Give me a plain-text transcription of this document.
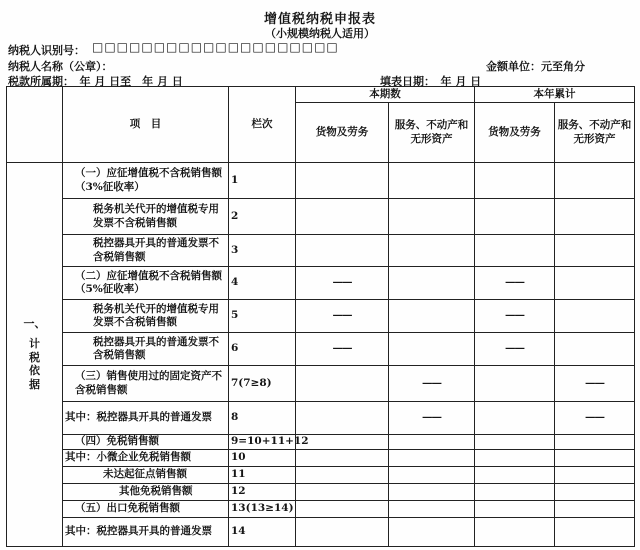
增值税纳税申报表
（小规模纳税人适用）
纳税人识别号： □□□□□□□□□□□□□□□□□□□□
纳税人名称（公章）：	金额单位：元至角分
税款所属期：　年 月 日至　年 月 日	填表日期：　年 月 日
	项　目	栏次	本期数		本年累计	
			货物及劳务	服务、不动产和无形资产	货物及劳务	服务、不动产和无形资产

一、
计
税
依
据	（一）应征增值税不含税销售额（3%征收率）	1				
	税务机关代开的增值税专用发票不含税销售额	2				
	税控器具开具的普通发票不含税销售额	3				
	（二）应征增值税不含税销售额（5%征收率）	4	——		——	
	税务机关代开的增值税专用发票不含税销售额	5	——		——	
	税控器具开具的普通发票不含税销售额	6	——		——	
	（三）销售使用过的固定资产不含税销售额	7(7≥8)		——		——
	其中：税控器具开具的普通发票	8		——		——
	（四）免税销售额	9=10+11+12				
	其中：小微企业免税销售额	10				
	未达起征点销售额	11				
	其他免税销售额	12				
	（五）出口免税销售额	13(13≥14)				
	其中：税控器具开具的普通发票	14				
